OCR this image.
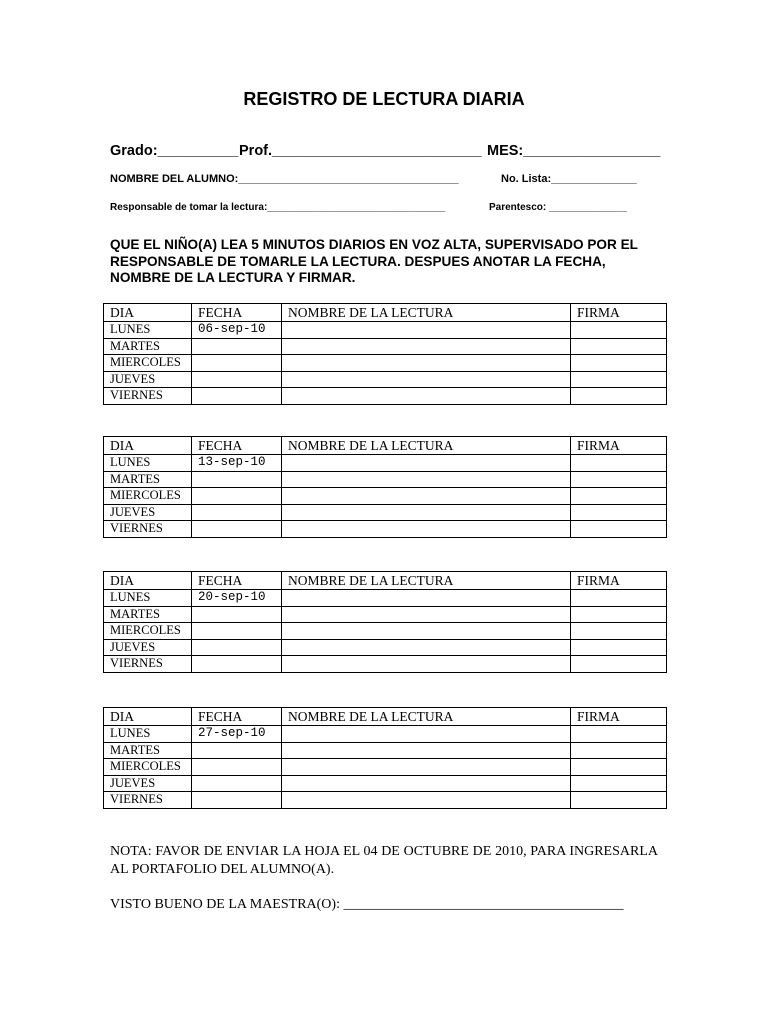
REGISTRO DE LECTURA DIARIA
Grado:__________ Prof.__________________________ MES:_________________
NOMBRE DEL ALUMNO:____________________________________	No. Lista:______________
Responsable de tomar la lectura:________________________________	Parentesco: ______________
QUE EL NIÑO(A) LEA 5 MINUTOS DIARIOS EN VOZ ALTA, SUPERVISADO POR EL RESPONSABLE DE TOMARLE LA LECTURA. DESPUES ANOTAR LA FECHA, NOMBRE DE LA LECTURA Y FIRMAR.
DIA	FECHA	NOMBRE DE LA LECTURA	FIRMA
LUNES	06-sep-10		
MARTES			
MIERCOLES			
JUEVES			
VIERNES			
DIA	FECHA	NOMBRE DE LA LECTURA	FIRMA
LUNES	13-sep-10		
MARTES			
MIERCOLES			
JUEVES			
VIERNES			
DIA	FECHA	NOMBRE DE LA LECTURA	FIRMA
LUNES	20-sep-10		
MARTES			
MIERCOLES			
JUEVES			
VIERNES			
DIA	FECHA	NOMBRE DE LA LECTURA	FIRMA
LUNES	27-sep-10		
MARTES			
MIERCOLES			
JUEVES			
VIERNES			
NOTA: FAVOR DE ENVIAR LA HOJA EL 04 DE OCTUBRE DE 2010, PARA INGRESARLA AL PORTAFOLIO DEL ALUMNO(A).
VISTO BUENO DE LA MAESTRA(O): ________________________________________
